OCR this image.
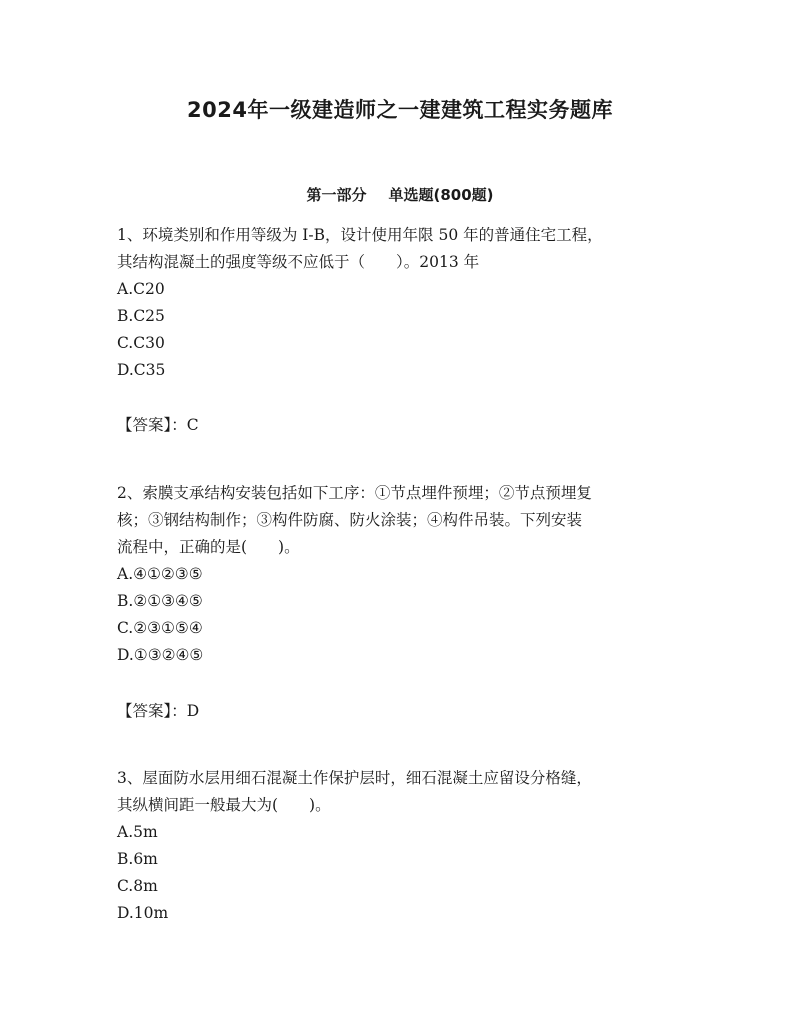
2024年一级建造师之一建建筑工程实务题库
第一部分 单选题(800题)
1、环境类别和作用等级为 I-B，设计使用年限 50 年的普通住宅工程，
其结构混凝土的强度等级不应低于（　　）。2013 年
A.C20
B.C25
C.C30
D.C35
【答案】：C
2、索膜支承结构安装包括如下工序：①节点埋件预埋；②节点预埋复
核；③钢结构制作；③构件防腐、防火涂装；④构件吊装。下列安装
流程中，正确的是(　　)。
A.④①②③⑤
B.②①③④⑤
C.②③①⑤④
D.①③②④⑤
【答案】：D
3、屋面防水层用细石混凝土作保护层时，细石混凝土应留设分格缝，
其纵横间距一般最大为(　　)。
A.5m
B.6m
C.8m
D.10m
